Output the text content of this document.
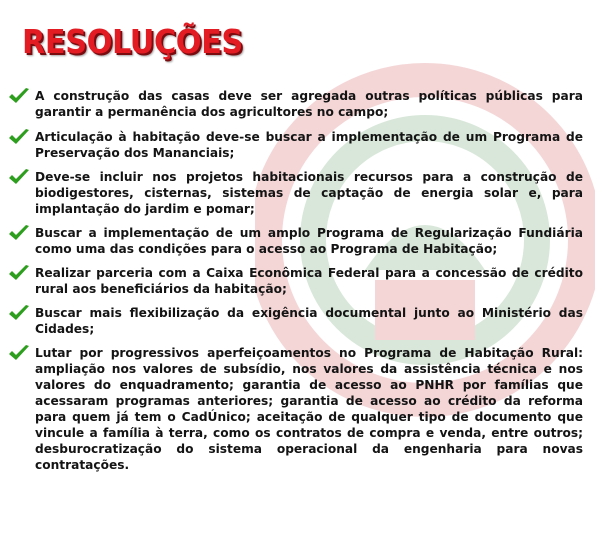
RESOLUÇÕES
A construção das casas deve ser agregada outras políticas públicas para garantir a permanência dos agricultores no campo;
Articulação à habitação deve-se buscar a implementação de um Programa de Preservação dos Mananciais;
Deve-se incluir nos projetos habitacionais recursos para a construção de biodigestores, cisternas, sistemas de captação de energia solar e, para implantação do jardim e pomar;
Buscar a implementação de um amplo Programa de Regularização Fundiária como uma das condições para o acesso ao Programa de Habitação;
Realizar parceria com a Caixa Econômica Federal para a concessão de crédito rural aos beneficiários da habitação;
Buscar mais flexibilização da exigência documental junto ao Ministério das Cidades;
Lutar por progressivos aperfeiçoamentos no Programa de Habitação Rural: ampliação nos valores de subsídio, nos valores da assistência técnica e nos valores do enquadramento; garantia de acesso ao PNHR por famílias que acessaram programas anteriores; garantia de acesso ao crédito da reforma para quem já tem o CadÚnico; aceitação de qualquer tipo de documento que vincule a família à terra, como os contratos de compra e venda, entre outros; desburocratização do sistema operacional da engenharia para novas contratações.
